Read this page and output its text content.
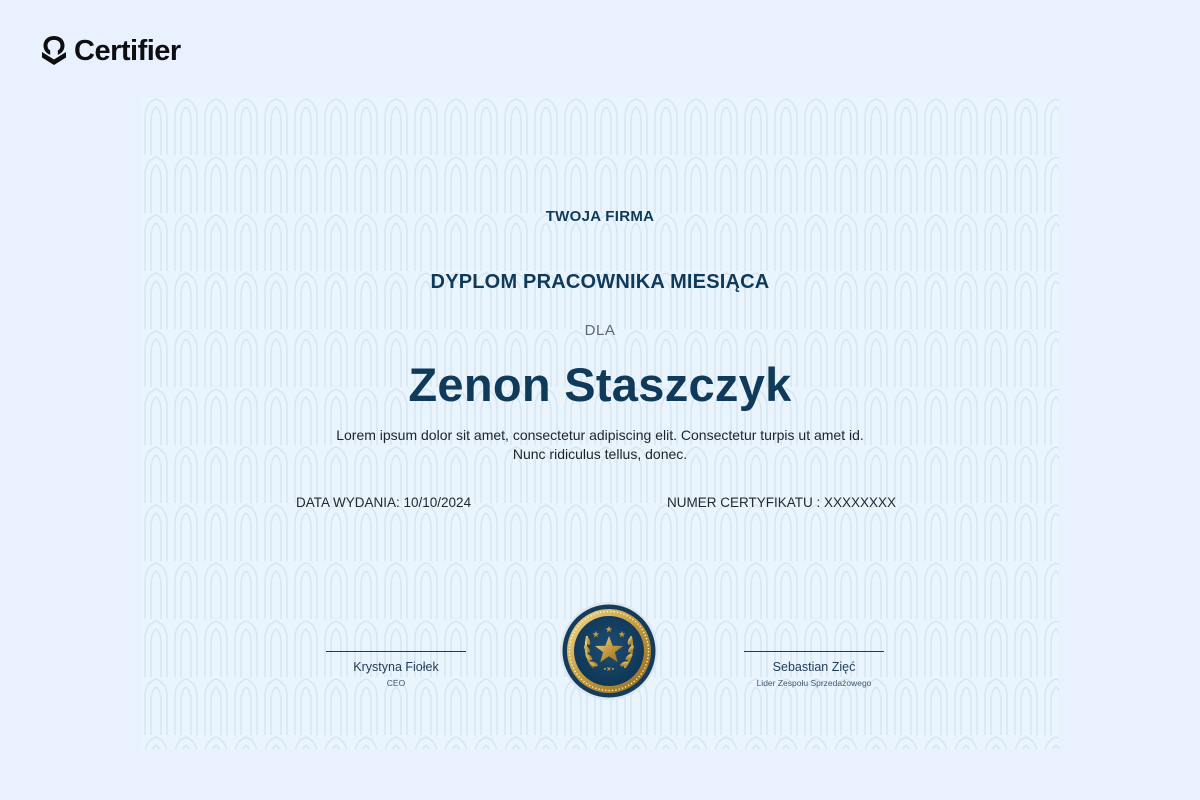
Certifier
TWOJA FIRMA
DYPLOM PRACOWNIKA MIESIĄCA
DLA
Zenon Staszczyk
Lorem ipsum dolor sit amet, consectetur adipiscing elit. Consectetur turpis ut amet id.
Nunc ridiculus tellus, donec.
DATA WYDANIA: 10/10/2024	NUMER CERTYFIKATU : XXXXXXXX
Krystyna Fiołek
CEO
Sebastian Zięć
Lider Zespołu Sprzedażowego
